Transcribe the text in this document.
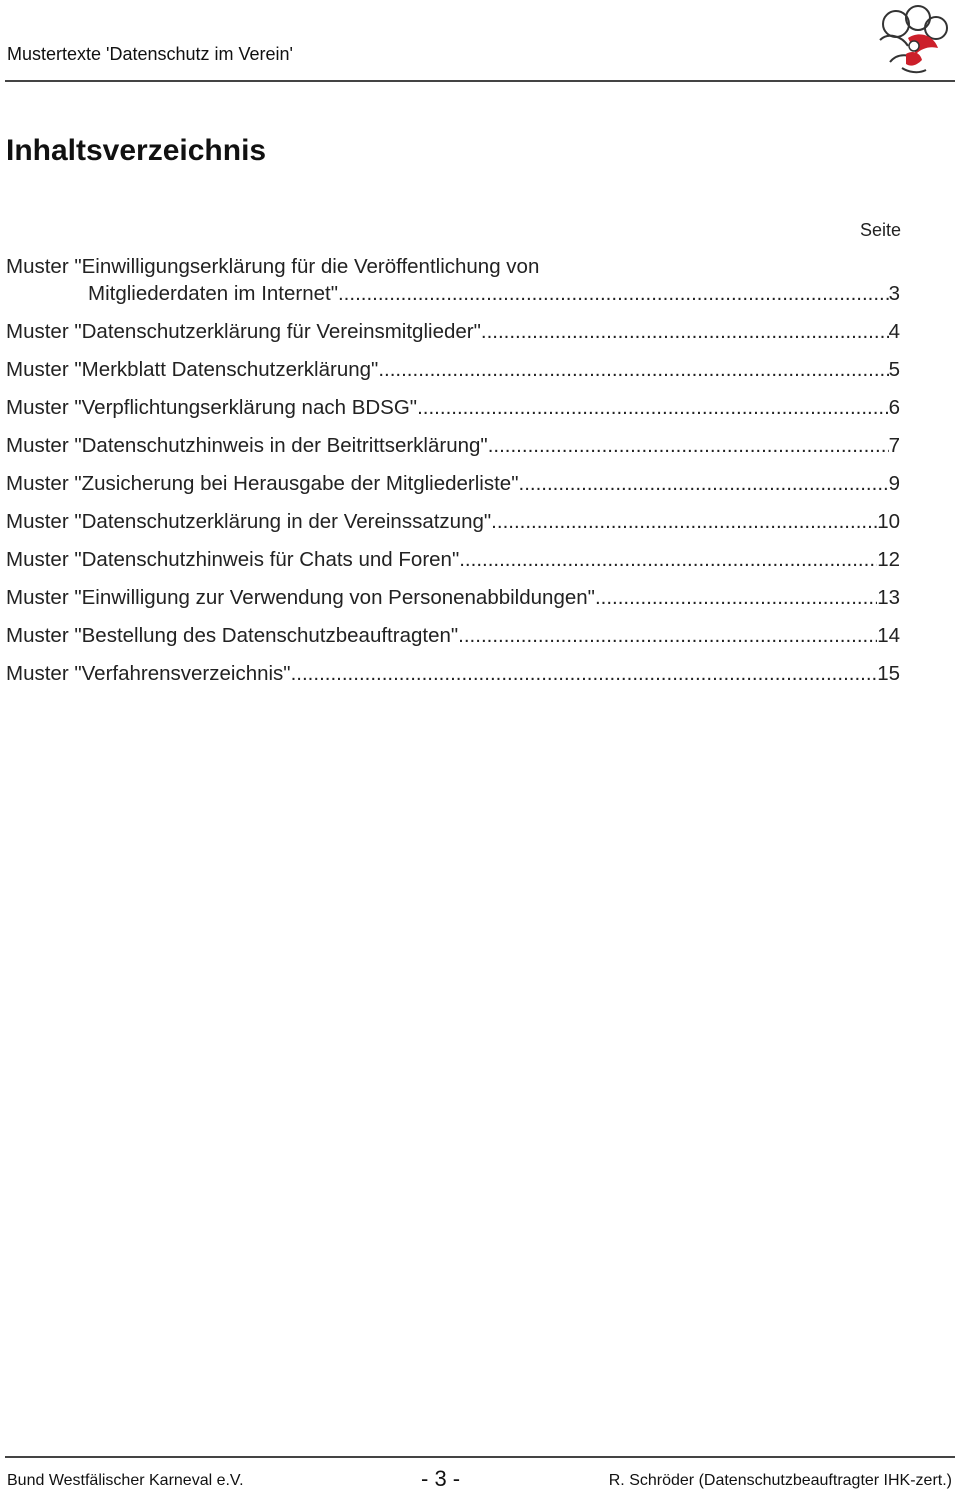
Mustertexte 'Datenschutz im Verein'
Inhaltsverzeichnis
Seite
Muster "Einwilligungserklärung für die Veröffentlichung von
Mitgliederdaten im Internet" .....	3
Muster "Datenschutzerklärung für Vereinsmitglieder" .....	4
Muster "Merkblatt Datenschutzerklärung" .....	5
Muster "Verpflichtungserklärung nach BDSG" .....	6
Muster "Datenschutzhinweis in der Beitrittserklärung" .....	7
Muster "Zusicherung bei Herausgabe der Mitgliederliste" .....	9
Muster "Datenschutzerklärung in der Vereinssatzung" .....	10
Muster "Datenschutzhinweis für Chats und Foren" .....	12
Muster "Einwilligung zur Verwendung von Personenabbildungen" .....	13
Muster "Bestellung des Datenschutzbeauftragten" .....	14
Muster "Verfahrensverzeichnis" .....	15
Bund Westfälischer Karneval e.V.	- 3 -	R. Schröder (Datenschutzbeauftragter IHK-zert.)
